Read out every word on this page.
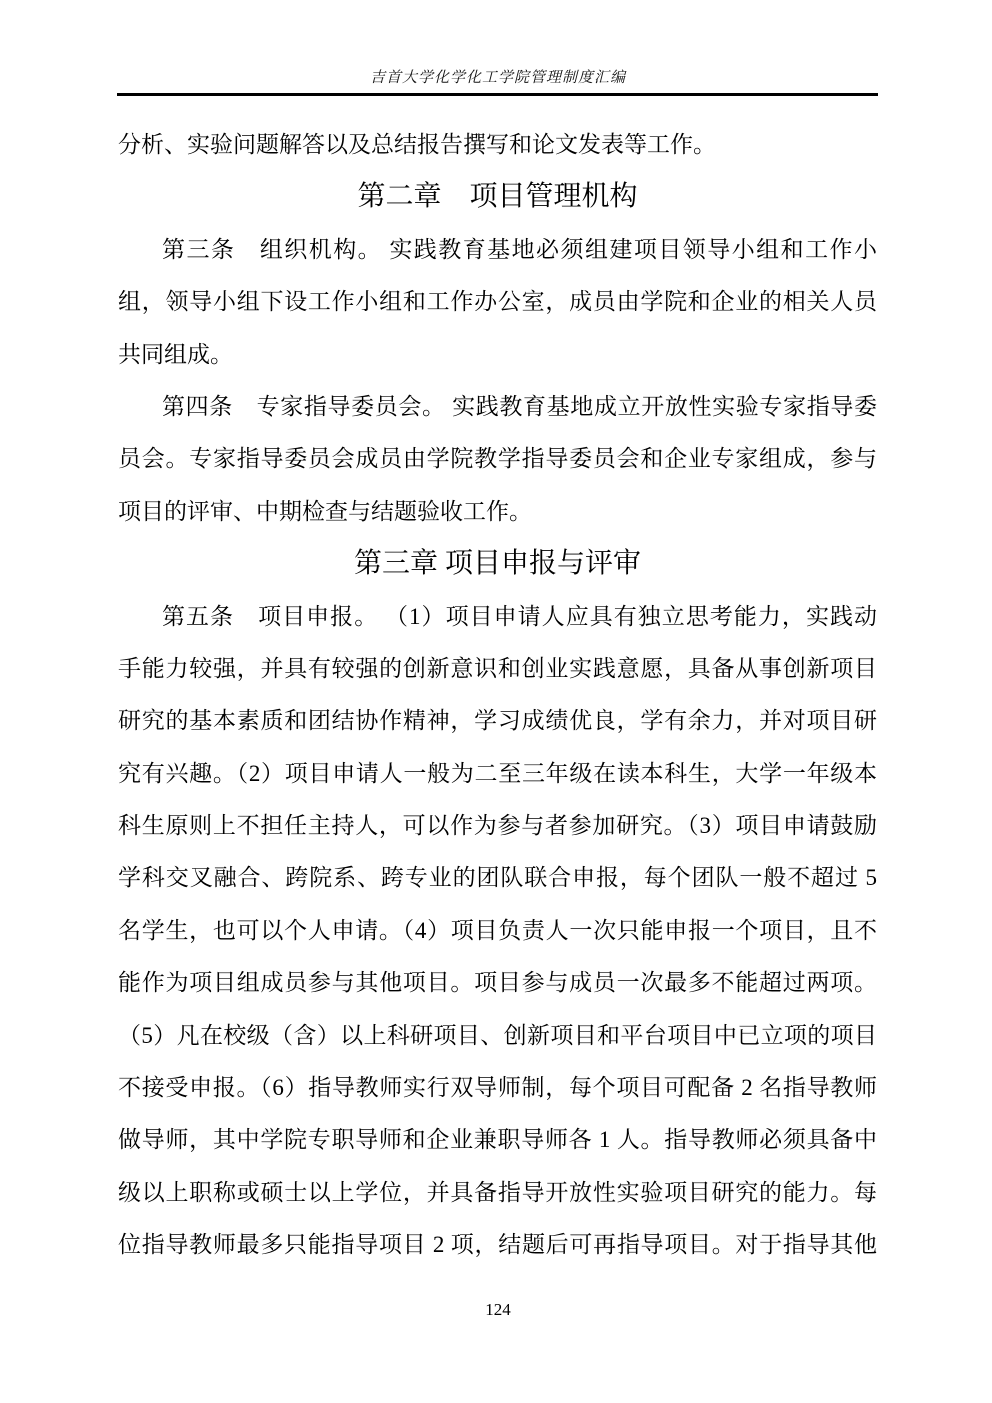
吉首大学化学化工学院管理制度汇编
分析、实验问题解答以及总结报告撰写和论文发表等工作。
第二章　项目管理机构
第三条　组织机构。 实践教育基地必须组建项目领导小组和工作小
组，领导小组下设工作小组和工作办公室，成员由学院和企业的相关人员
共同组成。
第四条　专家指导委员会。 实践教育基地成立开放性实验专家指导委
员会。专家指导委员会成员由学院教学指导委员会和企业专家组成，参与
项目的评审、中期检查与结题验收工作。
第三章 项目申报与评审
第五条　项目申报。 （1）项目申请人应具有独立思考能力，实践动
手能力较强，并具有较强的创新意识和创业实践意愿，具备从事创新项目
研究的基本素质和团结协作精神，学习成绩优良，学有余力，并对项目研
究有兴趣。（2）项目申请人一般为二至三年级在读本科生，大学一年级本
科生原则上不担任主持人，可以作为参与者参加研究。（3）项目申请鼓励
学科交叉融合、跨院系、跨专业的团队联合申报，每个团队一般不超过 5
名学生，也可以个人申请。（4）项目负责人一次只能申报一个项目，且不
能作为项目组成员参与其他项目。项目参与成员一次最多不能超过两项。
（5）凡在校级（含）以上科研项目、创新项目和平台项目中已立项的项目
不接受申报。（6）指导教师实行双导师制，每个项目可配备 2 名指导教师
做导师，其中学院专职导师和企业兼职导师各 1 人。指导教师必须具备中
级以上职称或硕士以上学位，并具备指导开放性实验项目研究的能力。每
位指导教师最多只能指导项目 2 项，结题后可再指导项目。对于指导其他
124
